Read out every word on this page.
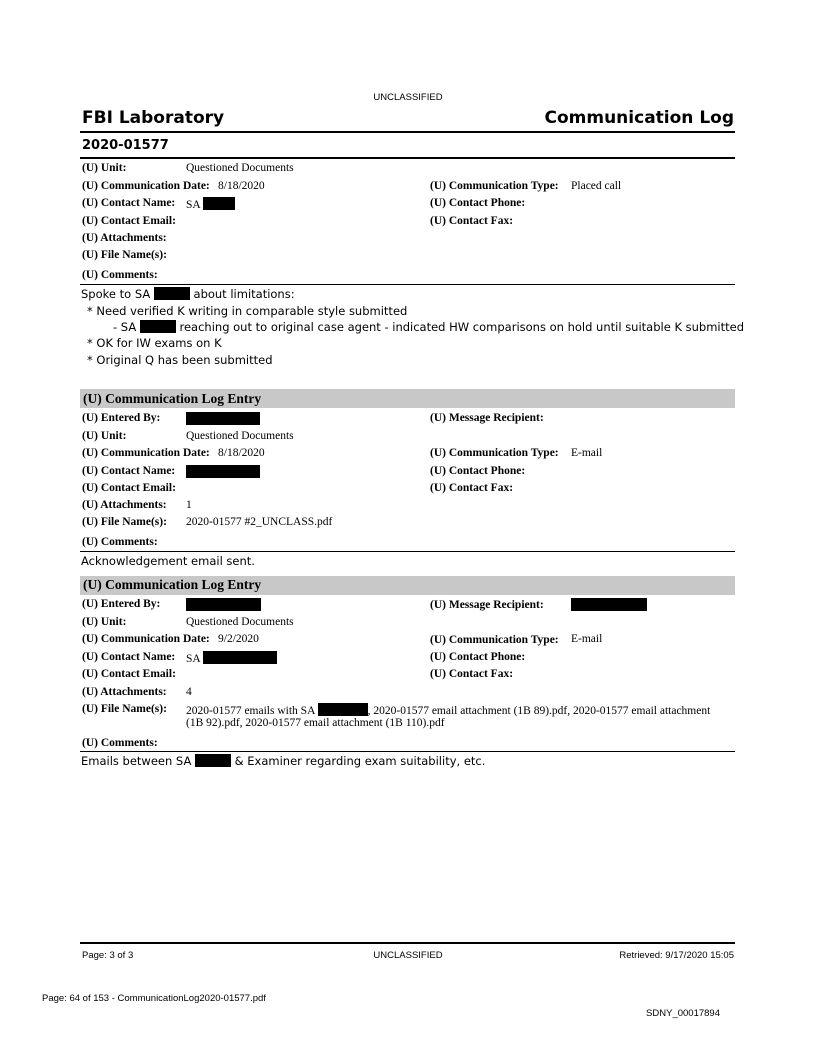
UNCLASSIFIED
FBI Laboratory	Communication Log
2020-01577
(U) Unit:	Questioned Documents
(U) Communication Date: 8/18/2020	(U) Communication Type: Placed call
(U) Contact Name: SA	(U) Contact Phone:
(U) Contact Email:	(U) Contact Fax:
(U) Attachments:
(U) File Name(s):
(U) Comments:
Spoke to SA	about limitations:
* Need verified K writing in comparable style submitted
- SA	reaching out to original case agent - indicated HW comparisons on hold until suitable K submitted
* OK for IW exams on K
* Original Q has been submitted
(U) Communication Log Entry
(U) Entered By:	(U) Message Recipient:
(U) Unit:	Questioned Documents
(U) Communication Date: 8/18/2020	(U) Communication Type: E-mail
(U) Contact Name:	(U) Contact Phone:
(U) Contact Email:	(U) Contact Fax:
(U) Attachments: 1
(U) File Name(s): 2020-01577 #2_UNCLASS.pdf
(U) Comments:
Acknowledgement email sent.
(U) Communication Log Entry
(U) Entered By:	(U) Message Recipient:
(U) Unit:	Questioned Documents
(U) Communication Date: 9/2/2020	(U) Communication Type: E-mail
(U) Contact Name: SA	(U) Contact Phone:
(U) Contact Email:	(U) Contact Fax:
(U) Attachments: 4
(U) File Name(s): 2020-01577 emails with SA	, 2020-01577 email attachment (1B 89).pdf, 2020-01577 email attachment
(1B 92).pdf, 2020-01577 email attachment (1B 110).pdf
(U) Comments:
Emails between SA	& Examiner regarding exam suitability, etc.
Page: 3 of 3	UNCLASSIFIED	Retrieved: 9/17/2020 15:05
Page: 64 of 153 - CommunicationLog2020-01577.pdf
SDNY_00017894
